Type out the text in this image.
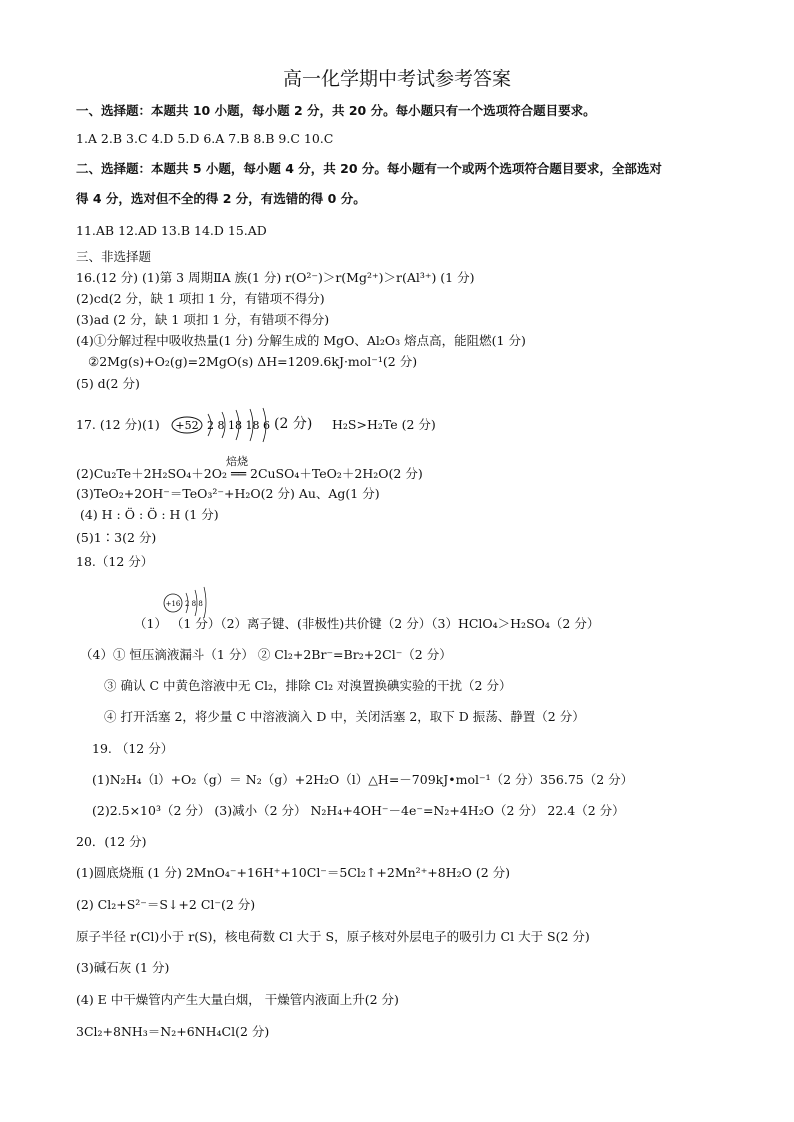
高一化学期中考试参考答案
一、选择题：本题共 10 小题，每小题 2 分，共 20 分。每小题只有一个选项符合题目要求。
1.A 2.B 3.C 4.D 5.D 6.A 7.B 8.B 9.C 10.C
二、选择题：本题共 5 小题，每小题 4 分，共 20 分。每小题有一个或两个选项符合题目要求，全部选对
得 4 分，选对但不全的得 2 分，有选错的得 0 分。
11.AB 12.AD 13.B 14.D 15.AD
三、非选择题
16.(12 分) (1)第 3 周期ⅡA 族(1 分) r(O²⁻)＞r(Mg²⁺)＞r(Al³⁺) (1 分)
(2)cd(2 分，缺 1 项扣 1 分，有错项不得分)
(3)ad (2 分，缺 1 项扣 1 分，有错项不得分)
(4)①分解过程中吸收热量(1 分) 分解生成的 MgO、Al₂O₃ 熔点高，能阻燃(1 分)
②2Mg(s)+O₂(g)=2MgO(s) ΔH=1209.6kJ·mol⁻¹(2 分)
(5) d(2 分)
17. (12 分)(1) +52 2 8 18 18 6 (2 分) H₂S>H₂Te (2 分)
焙烧
(2)Cu₂Te＋2H₂SO₄＋2O₂ ══ 2CuSO₄＋TeO₂＋2H₂O(2 分)
(3)TeO₂+2OH⁻＝TeO₃²⁻+H₂O(2 分) Au、Ag(1 分)
(4) H : Ö : Ö : H (1 分)
(5)1∶3(2 分)
18.（12 分）
+16 2 8 8
（1） （1 分）（2）离子键、(非极性)共价键（2 分）（3）HClO₄＞H₂SO₄（2 分）
（4）① 恒压滴液漏斗（1 分） ② Cl₂+2Br⁻=Br₂+2Cl⁻（2 分）
③ 确认 C 中黄色溶液中无 Cl₂，排除 Cl₂ 对溴置换碘实验的干扰（2 分）
④ 打开活塞 2，将少量 C 中溶液滴入 D 中，关闭活塞 2，取下 D 振荡、静置（2 分）
19. （12 分）
(1)N₂H₄（l）+O₂（g）＝ N₂（g）+2H₂O（l）△H=－709kJ•mol⁻¹（2 分）356.75（2 分）
(2)2.5×10³（2 分） (3)减小（2 分） N₂H₄+4OH⁻－4e⁻=N₂+4H₂O（2 分） 22.4（2 分）
20．(12 分)
(1)圆底烧瓶 (1 分) 2MnO₄⁻+16H⁺+10Cl⁻＝5Cl₂↑+2Mn²⁺+8H₂O (2 分)
(2) Cl₂+S²⁻＝S↓+2 Cl⁻(2 分)
原子半径 r(Cl)小于 r(S)，核电荷数 Cl 大于 S，原子核对外层电子的吸引力 Cl 大于 S(2 分)
(3)碱石灰 (1 分)
(4) E 中干燥管内产生大量白烟， 干燥管内液面上升(2 分)
3Cl₂+8NH₃＝N₂+6NH₄Cl(2 分)
